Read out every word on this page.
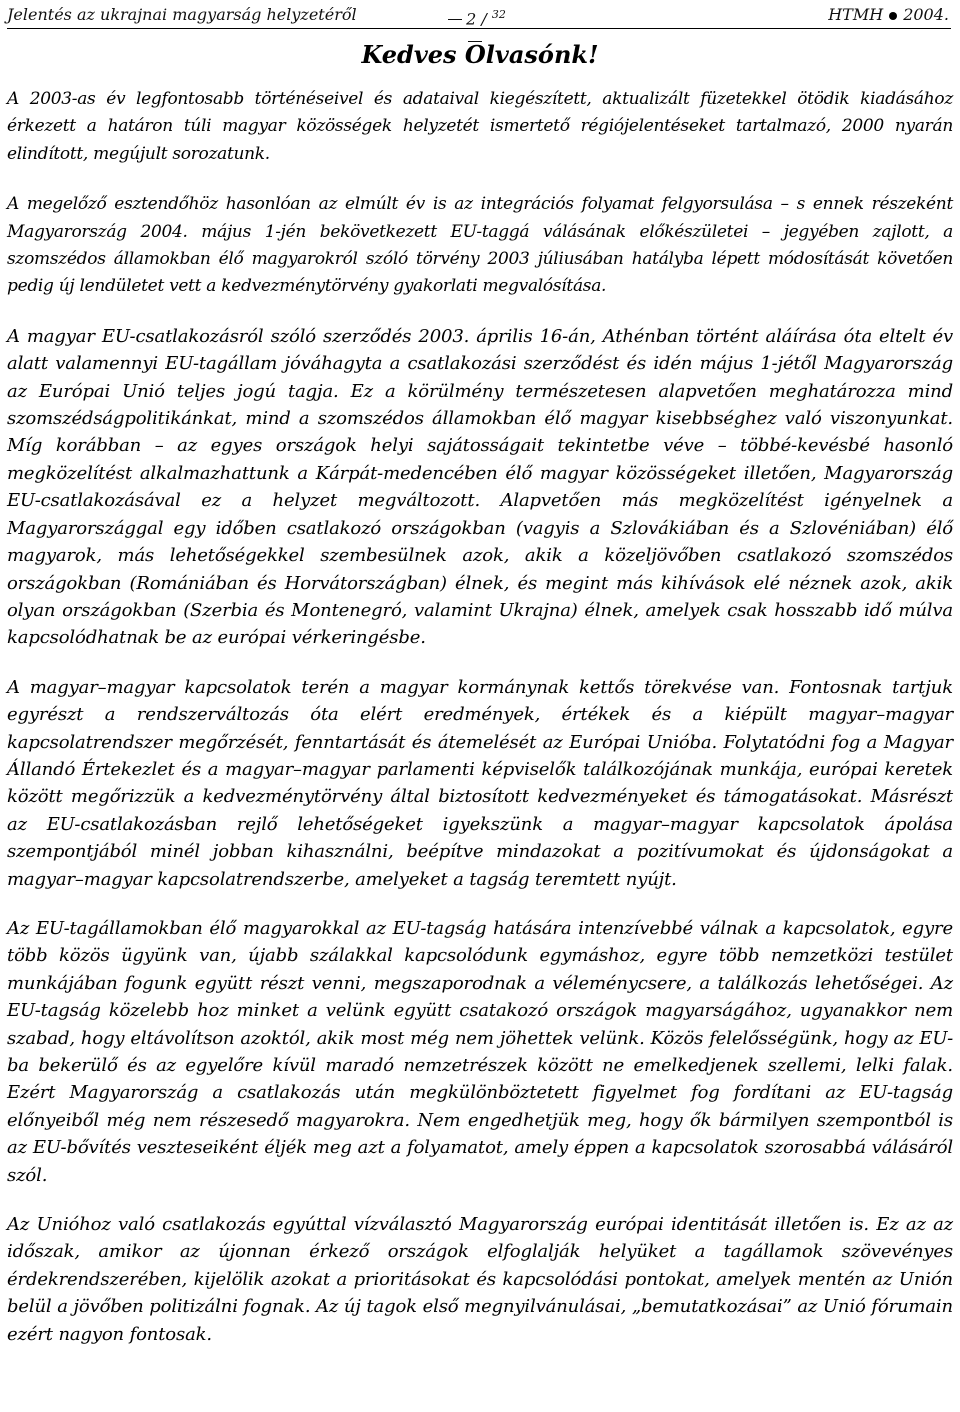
Jelentés az ukrajnai magyarság helyzetéről	2 / $^{32}$	HTMH 2004.
Kedves Olvasónk!

A 2003-as év legfontosabb történéseivel és adataival kiegészített, aktualizált füzetekkel ötödik kiadásához érkezett a határon túli magyar közösségek helyzetét ismertető régiójelentéseket tartalmazó, 2000 nyarán elindított, megújult sorozatunk.

A megelőző esztendőhöz hasonlóan az elmúlt év is az integrációs folyamat felgyorsulása – s ennek részeként Magyarország 2004. május 1-jén bekövetkezett EU-taggá válásának előkészületei – jegyében zajlott, a szomszédos államokban élő magyarokról szóló törvény 2003 júliusában hatályba lépett módosítását követően pedig új lendületet vett a kedvezménytörvény gyakorlati megvalósítása.

A magyar EU-csatlakozásról szóló szerződés 2003. április 16-án, Athénban történt aláírása óta eltelt év alatt valamennyi EU-tagállam jóváhagyta a csatlakozási szerződést és idén május 1-jétől Magyarország az Európai Unió teljes jogú tagja. Ez a körülmény természetesen alapvetően meghatározza mind szomszédságpolitikánkat, mind a szomszédos államokban élő magyar kisebbséghez való viszonyunkat. Míg korábban – az egyes országok helyi sajátosságait tekintetbe véve – többé-kevésbé hasonló megközelítést alkalmazhattunk a Kárpát-medencében élő magyar közösségeket illetően, Magyarország EU-csatlakozásával ez a helyzet megváltozott. Alapvetően más megközelítést igényelnek a Magyarországgal egy időben csatlakozó országokban (vagyis a Szlovákiában és a Szlovéniában) élő magyarok, más lehetőségekkel szembesülnek azok, akik a közeljövőben csatlakozó szomszédos országokban (Romániában és Horvátországban) élnek, és megint más kihívások elé néznek azok, akik olyan országokban (Szerbia és Montenegró, valamint Ukrajna) élnek, amelyek csak hosszabb idő múlva kapcsolódhatnak be az európai vérkeringésbe.

A magyar–magyar kapcsolatok terén a magyar kormánynak kettős törekvése van. Fontosnak tartjuk egyrészt a rendszerváltozás óta elért eredmények, értékek és a kiépült magyar–magyar kapcsolatrendszer megőrzését, fenntartását és átemelését az Európai Unióba. Folytatódni fog a Magyar Állandó Értekezlet és a magyar–magyar parlamenti képviselők találkozójának munkája, európai keretek között megőrizzük a kedvezménytörvény által biztosított kedvezményeket és támogatásokat. Másrészt az EU-csatlakozásban rejlő lehetőségeket igyekszünk a magyar–magyar kapcsolatok ápolása szempontjából minél jobban kihasználni, beépítve mindazokat a pozitívumokat és újdonságokat a magyar–magyar kapcsolatrendszerbe, amelyeket a tagság teremtett nyújt.

Az EU-tagállamokban élő magyarokkal az EU-tagság hatására intenzívebbé válnak a kapcsolatok, egyre több közös ügyünk van, újabb szálakkal kapcsolódunk egymáshoz, egyre több nemzetközi testület munkájában fogunk együtt részt venni, megszaporodnak a véleménycsere, a találkozás lehetőségei. Az EU-tagság közelebb hoz minket a velünk együtt csatakozó országok magyarságához, ugyanakkor nem szabad, hogy eltávolítson azoktól, akik most még nem jöhettek velünk. Közös felelősségünk, hogy az EU-ba bekerülő és az egyelőre kívül maradó nemzetrészek között ne emelkedjenek szellemi, lelki falak. Ezért Magyarország a csatlakozás után megkülönböztetett figyelmet fog fordítani az EU-tagság előnyeiből még nem részesedő magyarokra. Nem engedhetjük meg, hogy ők bármilyen szempontból is az EU-bővítés veszteseiként éljék meg azt a folyamatot, amely éppen a kapcsolatok szorosabbá válásáról szól.

Az Unióhoz való csatlakozás egyúttal vízválasztó Magyarország európai identitását illetően is. Ez az az időszak, amikor az újonnan érkező országok elfoglalják helyüket a tagállamok szövevényes érdekrendszerében, kijelölik azokat a prioritásokat és kapcsolódási pontokat, amelyek mentén az Unión belül a jövőben politizálni fognak. Az új tagok első megnyilvánulásai, „bemutatkozásai” az Unió fórumain ezért nagyon fontosak.
